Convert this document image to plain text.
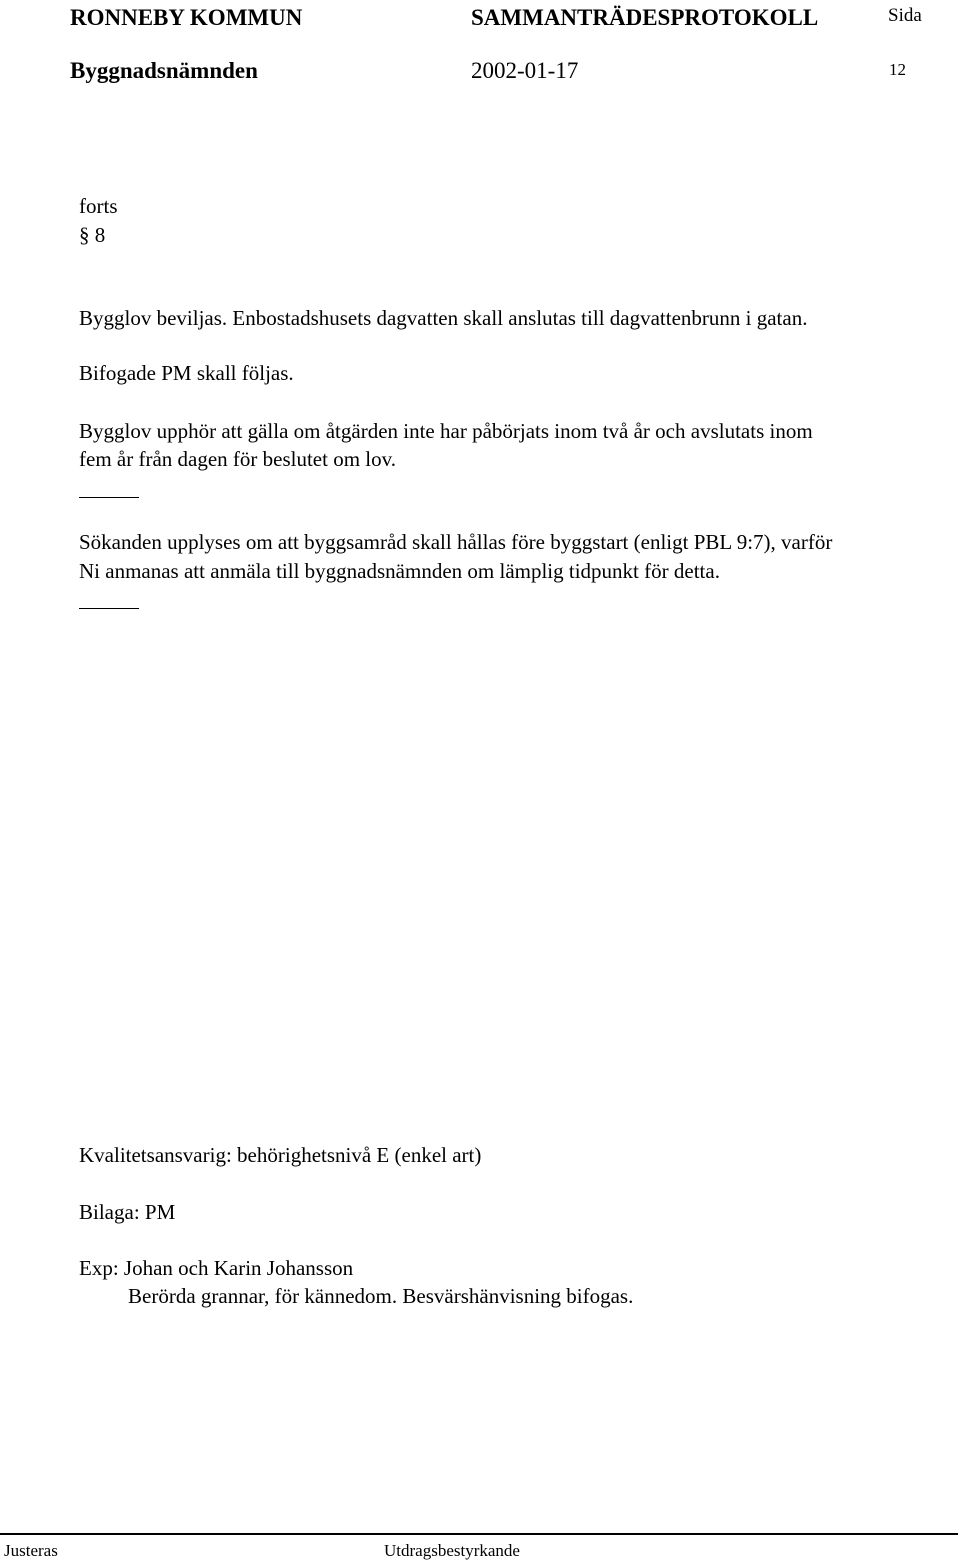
RONNEBY KOMMUN	SAMMANTRÄDESPROTOKOLL	Sida
Byggnadsnämnden	2002-01-17	12
forts
§ 8
Bygglov beviljas. Enbostadshusets dagvatten skall anslutas till dagvattenbrunn i gatan.
Bifogade PM skall följas.
Bygglov upphör att gälla om åtgärden inte har påbörjats inom två år och avslutats inom
fem år från dagen för beslutet om lov.
Sökanden upplyses om att byggsamråd skall hållas före byggstart (enligt PBL 9:7), varför
Ni anmanas att anmäla till byggnadsnämnden om lämplig tidpunkt för detta.
Kvalitetsansvarig: behörighetsnivå E (enkel art)
Bilaga: PM
Exp: Johan och Karin Johansson
Berörda grannar, för kännedom. Besvärshänvisning bifogas.
Justeras	Utdragsbestyrkande
